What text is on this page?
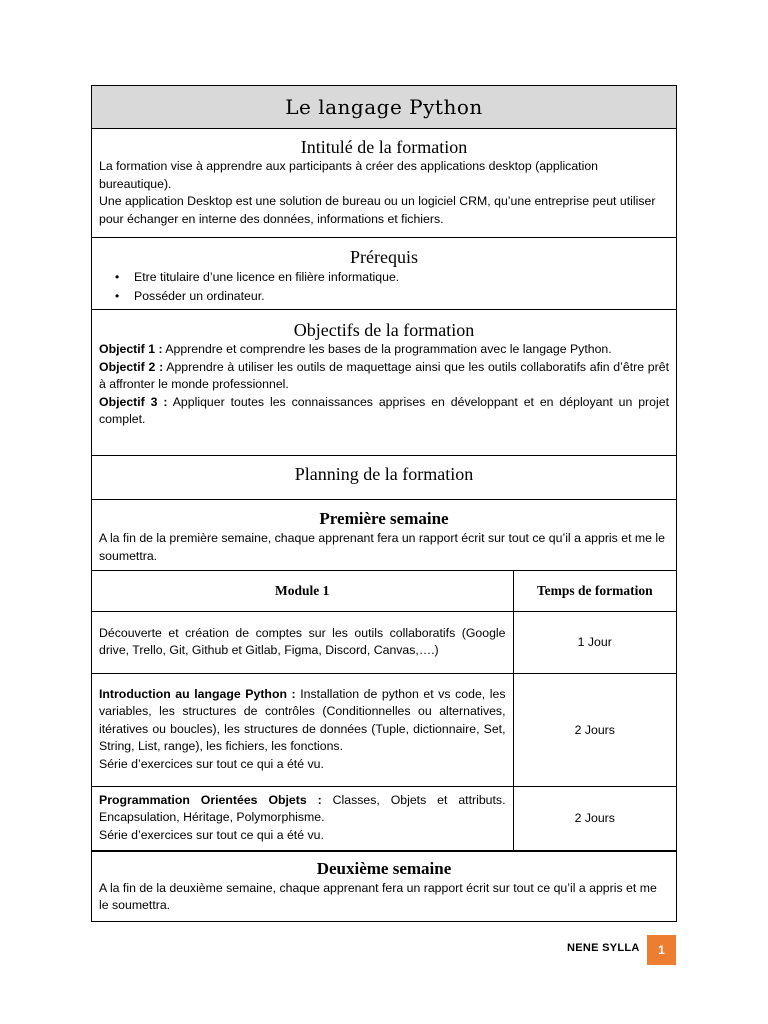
Le langage Python
Intitulé de la formation
La formation vise à apprendre aux participants à créer des applications desktop (application bureautique).
Une application Desktop est une solution de bureau ou un logiciel CRM, qu’une entreprise peut utiliser pour échanger en interne des données, informations et fichiers.
Prérequis
• Etre titulaire d’une licence en filière informatique.
• Posséder un ordinateur.
Objectifs de la formation
Objectif 1 : Apprendre et comprendre les bases de la programmation avec le langage Python.
Objectif 2 : Apprendre à utiliser les outils de maquettage ainsi que les outils collaboratifs afin d’être prêt à affronter le monde professionnel.
Objectif 3 : Appliquer toutes les connaissances apprises en développant et en déployant un projet complet.
Planning de la formation
Première semaine
A la fin de la première semaine, chaque apprenant fera un rapport écrit sur tout ce qu’il a appris et me le soumettra.
Module 1	Temps de formation
Découverte et création de comptes sur les outils collaboratifs (Google drive, Trello, Git, Github et Gitlab, Figma, Discord, Canvas,….)	1 Jour
Introduction au langage Python : Installation de python et vs code, les variables, les structures de contrôles (Conditionnelles ou alternatives, itératives ou boucles), les structures de données (Tuple, dictionnaire, Set, String, List, range), les fichiers, les fonctions.
Série d’exercices sur tout ce qui a été vu.	2 Jours
Programmation Orientées Objets : Classes, Objets et attributs. Encapsulation, Héritage, Polymorphisme.
Série d’exercices sur tout ce qui a été vu.	2 Jours
Deuxième semaine
A la fin de la deuxième semaine, chaque apprenant fera un rapport écrit sur tout ce qu’il a appris et me le soumettra.
NENE SYLLA	1
